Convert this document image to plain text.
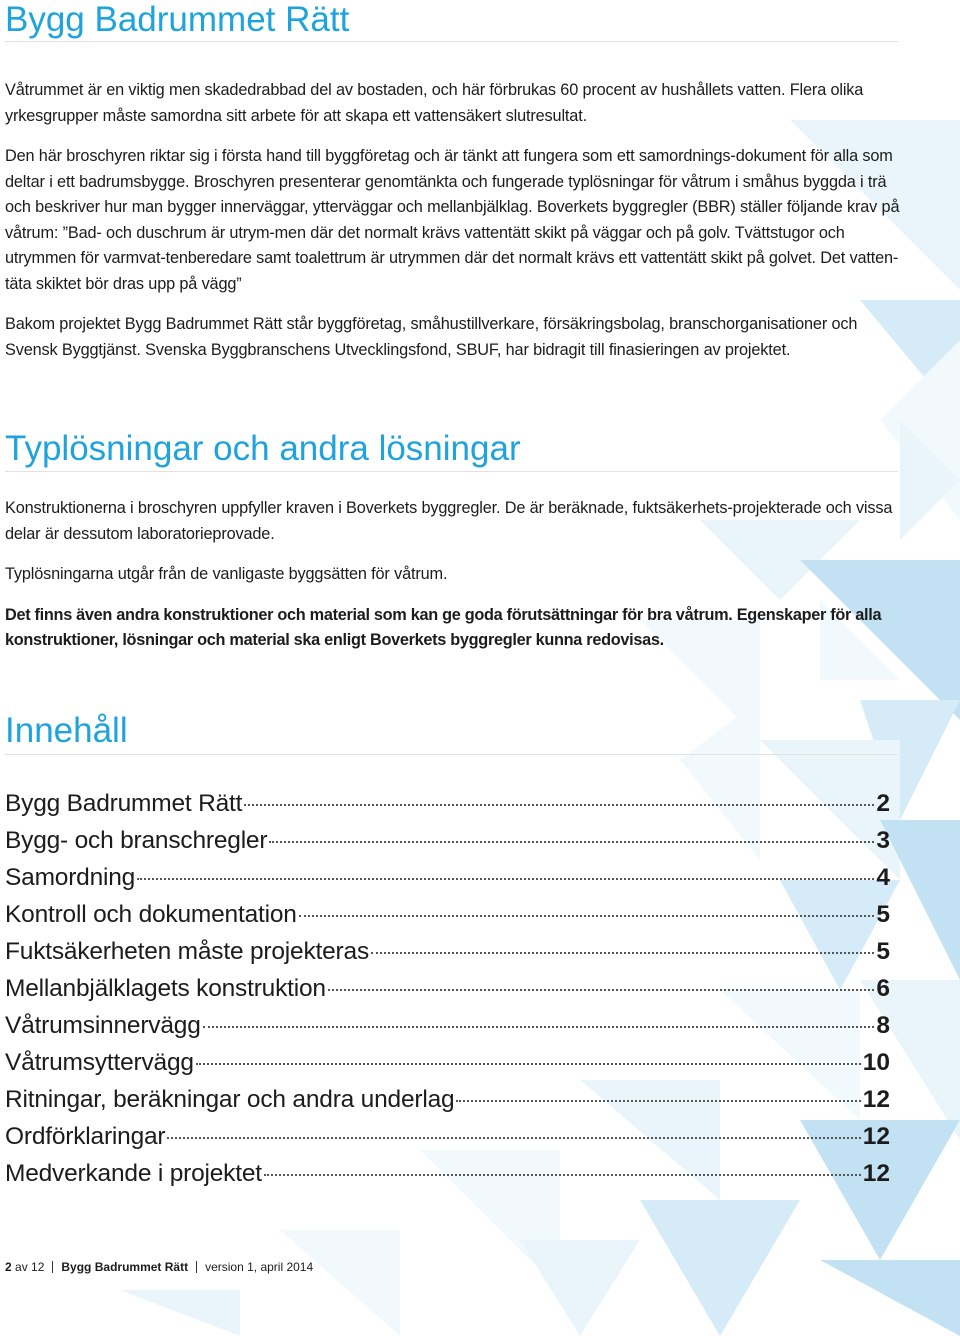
Bygg Badrummet Rätt

Våtrummet är en viktig men skadedrabbad del av bostaden, och här förbrukas 60 procent av hushållets vatten. Flera olika yrkesgrupper måste samordna sitt arbete för att skapa ett vattensäkert slutresultat.

Den här broschyren riktar sig i första hand till byggföretag och är tänkt att fungera som ett samordnings-dokument för alla som deltar i ett badrumsbygge. Broschyren presenterar genomtänkta och fungerade typlösningar för våtrum i småhus byggda i trä och beskriver hur man bygger innerväggar, ytterväggar och mellanbjälklag. Boverkets byggregler (BBR) ställer följande krav på våtrum: ”Bad- och duschrum är utrym-men där det normalt krävs vattentätt skikt på väggar och på golv. Tvättstugor och utrymmen för varmvat-tenberedare samt toalettrum är utrymmen där det normalt krävs ett vattentätt skikt på golvet. Det vatten-täta skiktet bör dras upp på vägg”

Bakom projektet Bygg Badrummet Rätt står byggföretag, småhustillverkare, försäkringsbolag, branschorganisationer och Svensk Byggtjänst. Svenska Byggbranschens Utvecklingsfond, SBUF, har bidragit till finasieringen av projektet.

Typlösningar och andra lösningar

Konstruktionerna i broschyren uppfyller kraven i Boverkets byggregler. De är beräknade, fuktsäkerhets-projekterade och vissa delar är dessutom laboratorieprovade.

Typlösningarna utgår från de vanligaste byggsätten för våtrum.

Det finns även andra konstruktioner och material som kan ge goda förutsättningar för bra våtrum. Egenskaper för alla konstruktioner, lösningar och material ska enligt Boverkets byggregler kunna redovisas.

Innehåll
Bygg Badrummet Rätt	2
Bygg- och branschregler	3
Samordning	4
Kontroll och dokumentation	5
Fuktsäkerheten måste projekteras	5
Mellanbjälklagets konstruktion	6
Våtrumsinnervägg	8
Våtrumsyttervägg	10
Ritningar, beräkningar och andra underlag	12
Ordförklaringar	12
Medverkande i projektet	12
2
av 12 Bygg Badrummet Rätt version 1, april 2014
